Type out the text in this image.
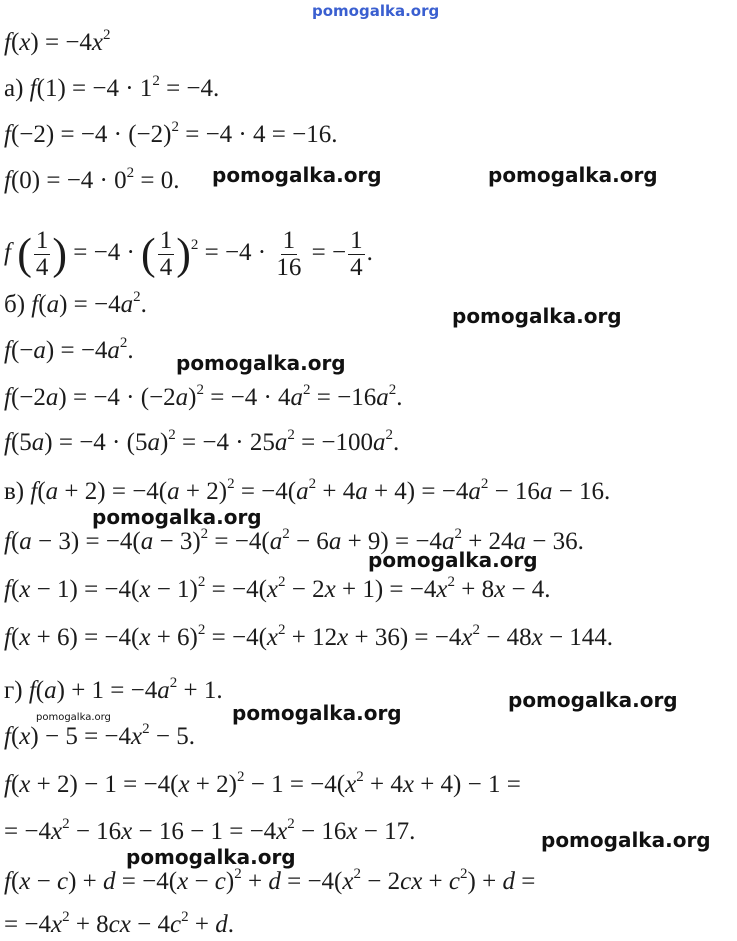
pomogalka.org
pomogalka.org	pomogalka.org
pomogalka.org
pomogalka.org
pomogalka.org
pomogalka.org
pomogalka.org
pomogalka.org	pomogalka.org
pomogalka.org
pomogalka.org
$f(x) = -4x^2$
а) $f(1) = -4 \cdot 1^2 = -4$.
$f(-2) = -4 \cdot (-2)^2 = -4 \cdot 4 = -16$.
$f(0) = -4 \cdot 0^2 = 0$.
f ( $\frac{1}{4}$ ) = −4 · ( $\frac{1}{4} )^2 = -4 \cdot \frac{1}{16}$ = − $\frac{1}{4}$ .
б) $f(a) = -4a^2$.
$f(-a) = -4a^2$.
$f(-2a) = -4 \cdot (-2a)^2 = -4 \cdot 4a^2 = -16a^2$.
$f(5a) = -4 \cdot (5a)^2 = -4 \cdot 25a^2 = -100a^2$.
в) $f(a + 2) = -4(a + 2)^2 = -4(a^2 + 4a + 4) = -4a^2 - 16a - 16$.
$f(a - 3) = -4(a - 3)^2 = -4(a^2 - 6a + 9) = -4a^2 + 24a - 36$.
$f(x - 1) = -4(x - 1)^2 = -4(x^2 - 2x + 1) = -4x^2 + 8x - 4$.
$f(x + 6) = -4(x + 6)^2 = -4(x^2 + 12x + 36) = -4x^2 - 48x - 144$.
г) $f(a) + 1 = -4a^2 + 1$.
$f(x) - 5 = -4x^2 - 5$.
$f(x + 2) - 1 = -4(x + 2)^2 - 1 = -4(x^2 + 4x + 4) - 1$ =
= $-4x^2 - 16x - 16 - 1 = -4x^2 - 16x - 17$.
$f(x - c) + d = -4(x - c)^2 + d = -4(x^2 - 2cx + c^2) + d$ =
= $-4x^2 + 8cx - 4c^2 + d$.
